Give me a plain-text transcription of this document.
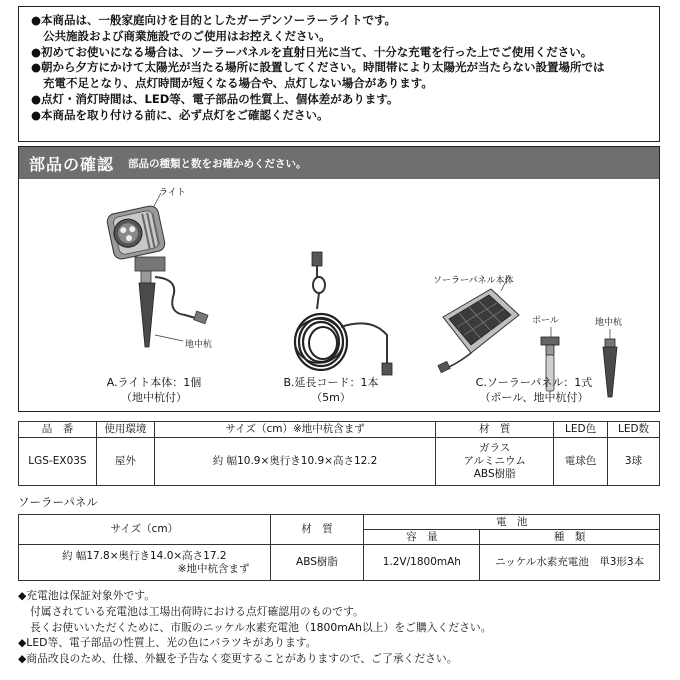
●本商品は、一般家庭向けを目的としたガーデンソーラーライトです。
公共施設および商業施設でのご使用はお控えください。
●初めてお使いになる場合は、ソーラーパネルを直射日光に当て、十分な充電を行った上でご使用ください。
●朝から夕方にかけて太陽光が当たる場所に設置してください。時間帯により太陽光が当たらない設置場所では
充電不足となり、点灯時間が短くなる場合や、点灯しない場合があります。
●点灯・消灯時間は、LED等、電子部品の性質上、個体差があります。
●本商品を取り付ける前に、必ず点灯をご確認ください。
部品の確認 部品の種類と数をお確かめください。
ライト
地中杭
A.ライト本体：1個
（地中杭付）
B.延長コード：1本
（5m）
ソーラーパネル本体
ポール	地中杭
C.ソーラーパネル：1式
（ポール、地中杭付）
品　番	使用環境	サイズ（cm）※地中杭含まず	材　質	LED色	LED数
LGS-EX03S	屋外	約 幅10.9×奥行き10.9×高さ12.2	ガラス
アルミニウム
ABS樹脂	電球色	3球
ソーラーパネル
サイズ（cm）	材　質	電　池	
		容　量	種　類

約 幅17.8×奥行き14.0×高さ17.2
※地中杭含まず	ABS樹脂	1.2V/1800mAh	ニッケル水素充電池　単3形3本
◆充電池は保証対象外です。
付属されている充電池は工場出荷時における点灯確認用のものです。
長くお使いいただくために、市販のニッケル水素充電池（1800mAh以上）をご購入ください。
◆LED等、電子部品の性質上、光の色にバラツキがあります。
◆商品改良のため、仕様、外観を予告なく変更することがありますので、ご了承ください。
